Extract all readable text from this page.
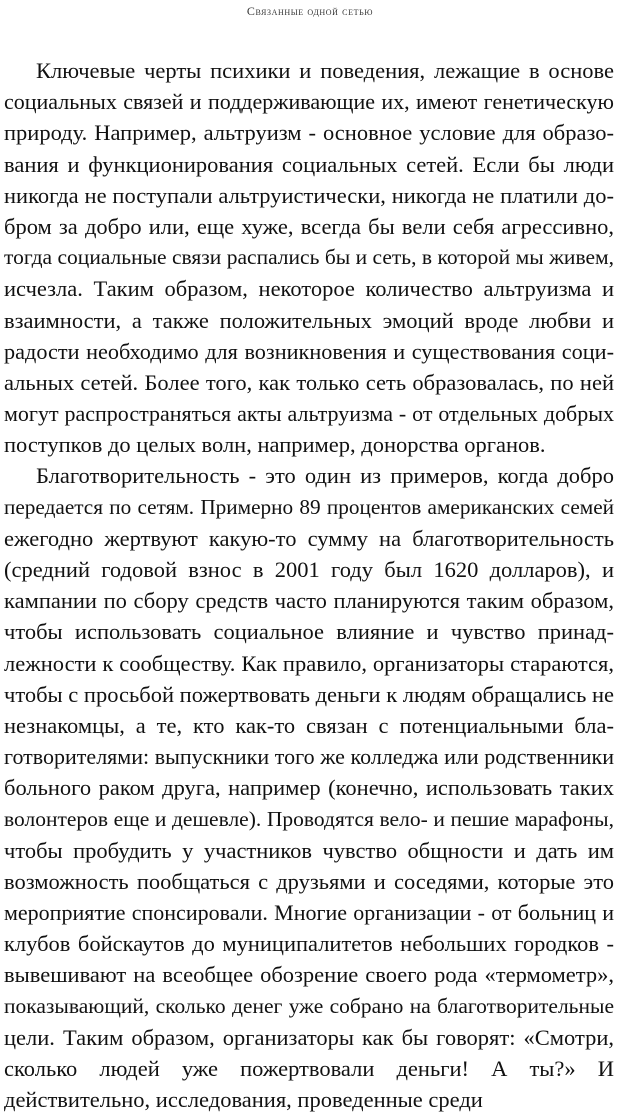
Связанные одной сетью
Ключевые черты психики и поведения, лежащие в основе
социальных связей и поддерживающие их, имеют генетическую
природу. Например, альтруизм - основное условие для образо-
вания и функционирования социальных сетей. Если бы люди
никогда не поступали альтруистически, никогда не платили до-
бром за добро или, еще хуже, всегда бы вели себя агрессивно,
тогда социальные связи распались бы и сеть, в которой мы живем,
исчезла. Таким образом, некоторое количество альтруизма и
взаимности, а также положительных эмоций вроде любви и
радости необходимо для возникновения и существования соци-
альных сетей. Более того, как только сеть образовалась, по ней
могут распространяться акты альтруизма - от отдельных добрых
поступков до целых волн, например, донорства органов.
Благотворительность - это один из примеров, когда добро
передается по сетям. Примерно 89 процентов американских семей
ежегодно жертвуют какую-то сумму на благотворительность
(средний годовой взнос в 2001 году был 1620 долларов), и
кампании по сбору средств часто планируются таким образом,
чтобы использовать социальное влияние и чувство принад-
лежности к сообществу. Как правило, организаторы стараются,
чтобы с просьбой пожертвовать деньги к людям обращались не
незнакомцы, а те, кто как-то связан с потенциальными бла-
готворителями: выпускники того же колледжа или родственники
больного раком друга, например (конечно, использовать таких
волонтеров еще и дешевле). Проводятся вело- и пешие марафоны,
чтобы пробудить у участников чувство общности и дать им
возможность пообщаться с друзьями и соседями, которые это
мероприятие спонсировали. Многие организации - от больниц и
клубов бойскаутов до муниципалитетов небольших городков -
вывешивают на всеобщее обозрение своего рода «термометр»,
показывающий, сколько денег уже собрано на благотворительные
цели. Таким образом, организаторы как бы говорят: «Смотри,
сколько людей уже пожертвовали деньги! А ты?» И
действительно, исследования, проведенные среди
